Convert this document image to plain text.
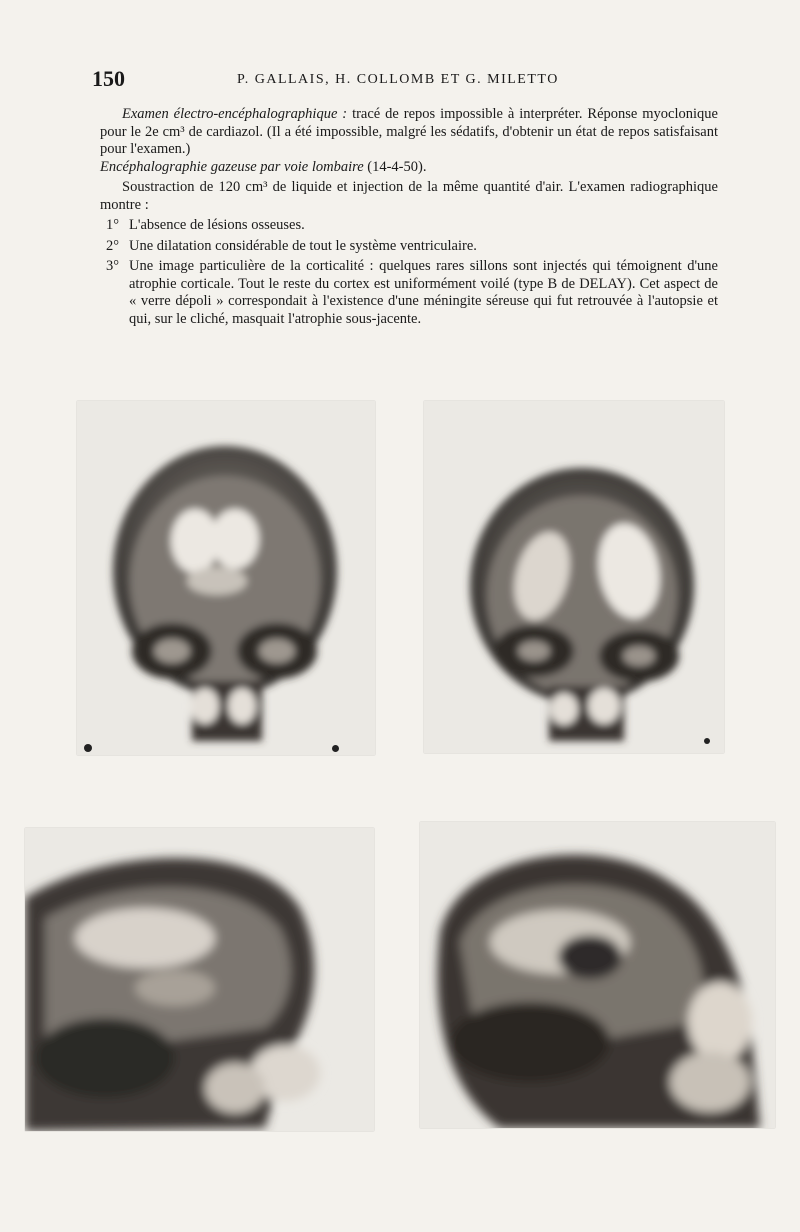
150	P. GALLAIS, H. COLLOMB ET G. MILETTO

Examen électro-encéphalographique : tracé de repos impossible à interpréter. Réponse myoclonique pour le 2e cm³ de cardiazol. (Il a été impossible, malgré les sédatifs, d'obtenir un état de repos satisfaisant pour l'examen.)

Encéphalographie gazeuse par voie lombaire (14-4-50).

Soustraction de 120 cm³ de liquide et injection de la même quantité d'air. L'examen radiographique montre :

1° L'absence de lésions osseuses.

2° Une dilatation considérable de tout le système ventriculaire.

3° Une image particulière de la corticalité : quelques rares sillons sont injectés qui témoignent d'une atrophie corticale. Tout le reste du cortex est uniformément voilé (type B de DELAY). Cet aspect de « verre dépoli » correspondait à l'existence d'une méningite séreuse qui fut retrouvée à l'autopsie et qui, sur le cliché, masquait l'atrophie sous-jacente.
